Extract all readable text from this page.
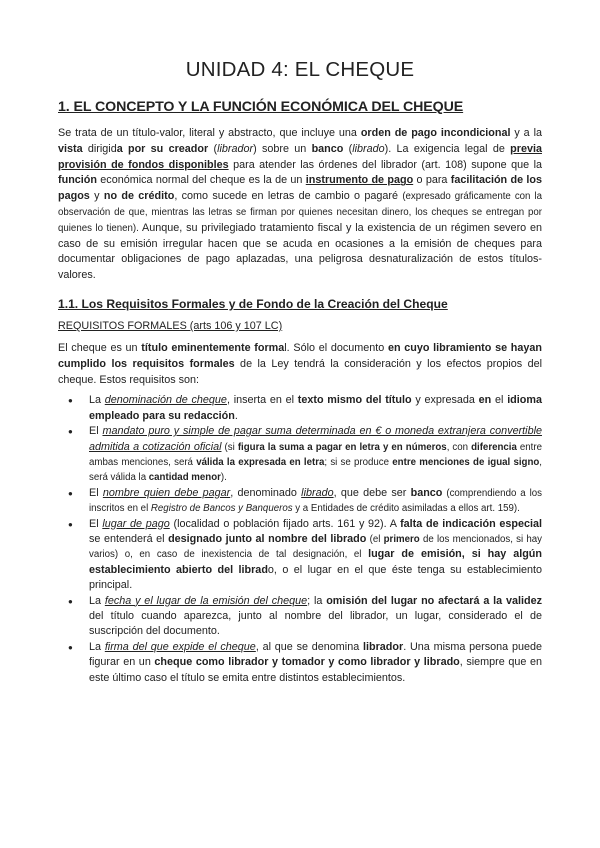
UNIDAD 4: EL CHEQUE
1. EL CONCEPTO Y LA FUNCIÓN ECONÓMICA DEL CHEQUE

Se trata de un título-valor, literal y abstracto, que incluye una orden de pago incondicional y a la vista dirigida por su creador (librador) sobre un banco (librado). La exigencia legal de previa provisión de fondos disponibles para atender las órdenes del librador (art. 108) supone que la función económica normal del cheque es la de un instrumento de pago o para facilitación de los pagos y no de crédito, como sucede en letras de cambio o pagaré (expresado gráficamente con la observación de que, mientras las letras se firman por quienes necesitan dinero, los cheques se entregan por quienes lo tienen). Aunque, su privilegiado tratamiento fiscal y la existencia de un régimen severo en caso de su emisión irregular hacen que se acuda en ocasiones a la emisión de cheques para documentar obligaciones de pago aplazadas, una peligrosa desnaturalización de estos títulos-valores.

1.1. Los Requisitos Formales y de Fondo de la Creación del Cheque
REQUISITOS FORMALES (arts 106 y 107 LC)

El cheque es un título eminentemente formal. Sólo el documento en cuyo libramiento se hayan cumplido los requisitos formales de la Ley tendrá la consideración y los efectos propios del cheque. Estos requisitos son:

● La denominación de cheque, inserta en el texto mismo del título y expresada en el idioma empleado para su redacción.
● El mandato puro y simple de pagar suma determinada en € o moneda extranjera convertible admitida a cotización oficial (si figura la suma a pagar en letra y en números, con diferencia entre ambas menciones, será válida la expresada en letra; si se produce entre menciones de igual signo, será válida la cantidad menor).
● El nombre quien debe pagar, denominado librado, que debe ser banco (comprendiendo a los inscritos en el Registro de Bancos y Banqueros y a Entidades de crédito asimiladas a ellos art. 159).
● El lugar de pago (localidad o población fijado arts. 161 y 92). A falta de indicación especial se entenderá el designado junto al nombre del librado (el primero de los mencionados, si hay varios) o, en caso de inexistencia de tal designación, el lugar de emisión, si hay algún establecimiento abierto del librado, o el lugar en el que éste tenga su establecimiento principal.
● La fecha y el lugar de la emisión del cheque; la omisión del lugar no afectará a la validez del título cuando aparezca, junto al nombre del librador, un lugar, considerado el de suscripción del documento.
● La firma del que expide el cheque, al que se denomina librador. Una misma persona puede figurar en un cheque como librador y tomador y como librador y librado, siempre que en este último caso el título se emita entre distintos establecimientos.
